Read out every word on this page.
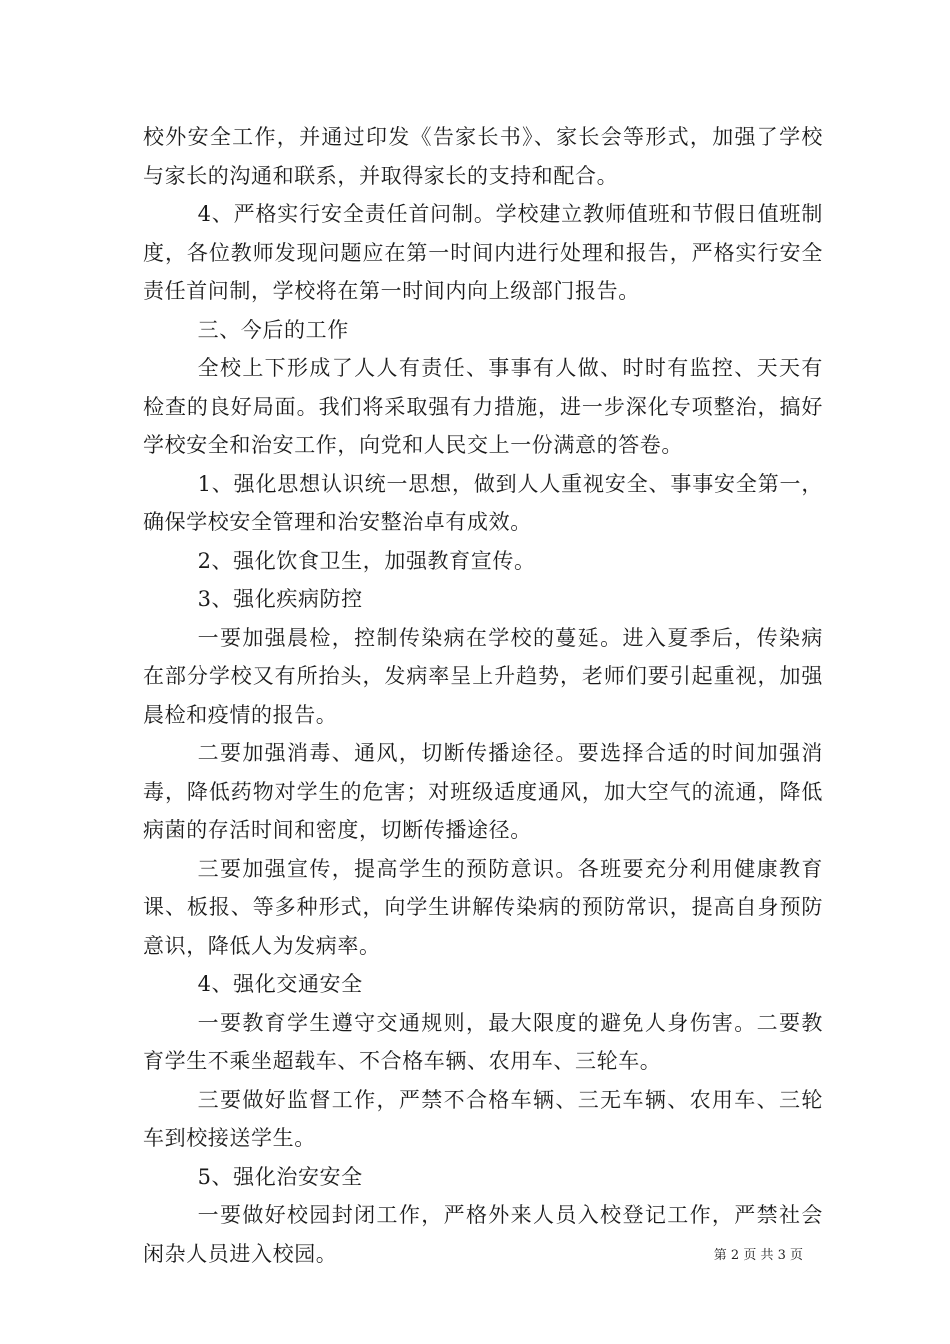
校外安全工作，并通过印发《告家长书》、家长会等形式，加强了学校与家长的沟通和联系，并取得家长的支持和配合。

4、严格实行安全责任首问制。学校建立教师值班和节假日值班制度，各位教师发现问题应在第一时间内进行处理和报告，严格实行安全责任首问制，学校将在第一时间内向上级部门报告。

三、今后的工作

全校上下形成了人人有责任、事事有人做、时时有监控、天天有检查的良好局面。我们将采取强有力措施，进一步深化专项整治，搞好学校安全和治安工作，向党和人民交上一份满意的答卷。

1、强化思想认识统一思想，做到人人重视安全、事事安全第一，确保学校安全管理和治安整治卓有成效。

2、强化饮食卫生，加强教育宣传。

3、强化疾病防控

一要加强晨检，控制传染病在学校的蔓延。进入夏季后，传染病在部分学校又有所抬头，发病率呈上升趋势，老师们要引起重视，加强晨检和疫情的报告。

二要加强消毒、通风，切断传播途径。要选择合适的时间加强消毒，降低药物对学生的危害；对班级适度通风，加大空气的流通，降低病菌的存活时间和密度，切断传播途径。

三要加强宣传，提高学生的预防意识。各班要充分利用健康教育课、板报、等多种形式，向学生讲解传染病的预防常识，提高自身预防意识，降低人为发病率。

4、强化交通安全

一要教育学生遵守交通规则，最大限度的避免人身伤害。二要教育学生不乘坐超载车、不合格车辆、农用车、三轮车。

三要做好监督工作，严禁不合格车辆、三无车辆、农用车、三轮车到校接送学生。

5、强化治安安全

一要做好校园封闭工作，严格外来人员入校登记工作，严禁社会闲杂人员进入校园。	第 2 页 共 3 页
